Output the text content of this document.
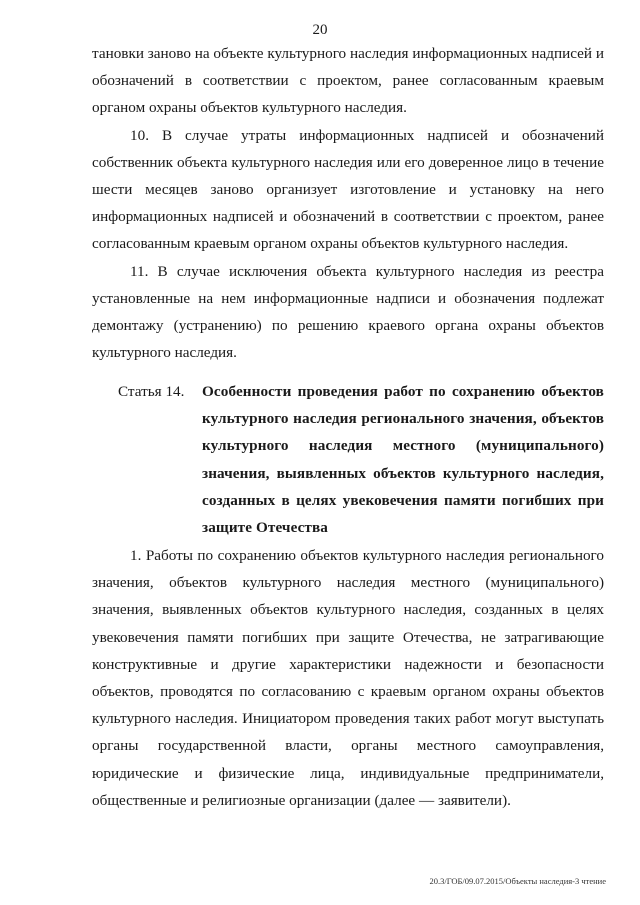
20

тановки заново на объекте культурного наследия информационных надписей и обозначений в соответствии с проектом, ранее согласованным краевым органом охраны объектов культурного наследия.

10. В случае утраты информационных надписей и обозначений собственник объекта культурного наследия или его доверенное лицо в течение шести месяцев заново организует изготовление и установку на него информационных надписей и обозначений в соответствии с проектом, ранее согласованным краевым органом охраны объектов культурного наследия.

11. В случае исключения объекта культурного наследия из реестра установленные на нем информационные надписи и обозначения подлежат демонтажу (устранению) по решению краевого органа охраны объектов культурного наследия.

Статья 14.	Особенности проведения работ по сохранению объектов культурного наследия регионального значения, объектов культурного наследия местного (муниципального) значения, выявленных объектов культурного наследия, созданных в целях увековечения памяти погибших при защите Отечества

1. Работы по сохранению объектов культурного наследия регионального значения, объектов культурного наследия местного (муниципального) значения, выявленных объектов культурного наследия, созданных в целях увековечения памяти погибших при защите Отечества, не затрагивающие конструктивные и другие характеристики надежности и безопасности объектов, проводятся по согласованию с краевым органом охраны объектов культурного наследия. Инициатором проведения таких работ могут выступать органы государственной власти, органы местного самоуправления, юридические и физические лица, индивидуальные предприниматели, общественные и религиозные организации (далее — заявители).

20.3/ГОБ/09.07.2015/Объекты наследия-3 чтение
